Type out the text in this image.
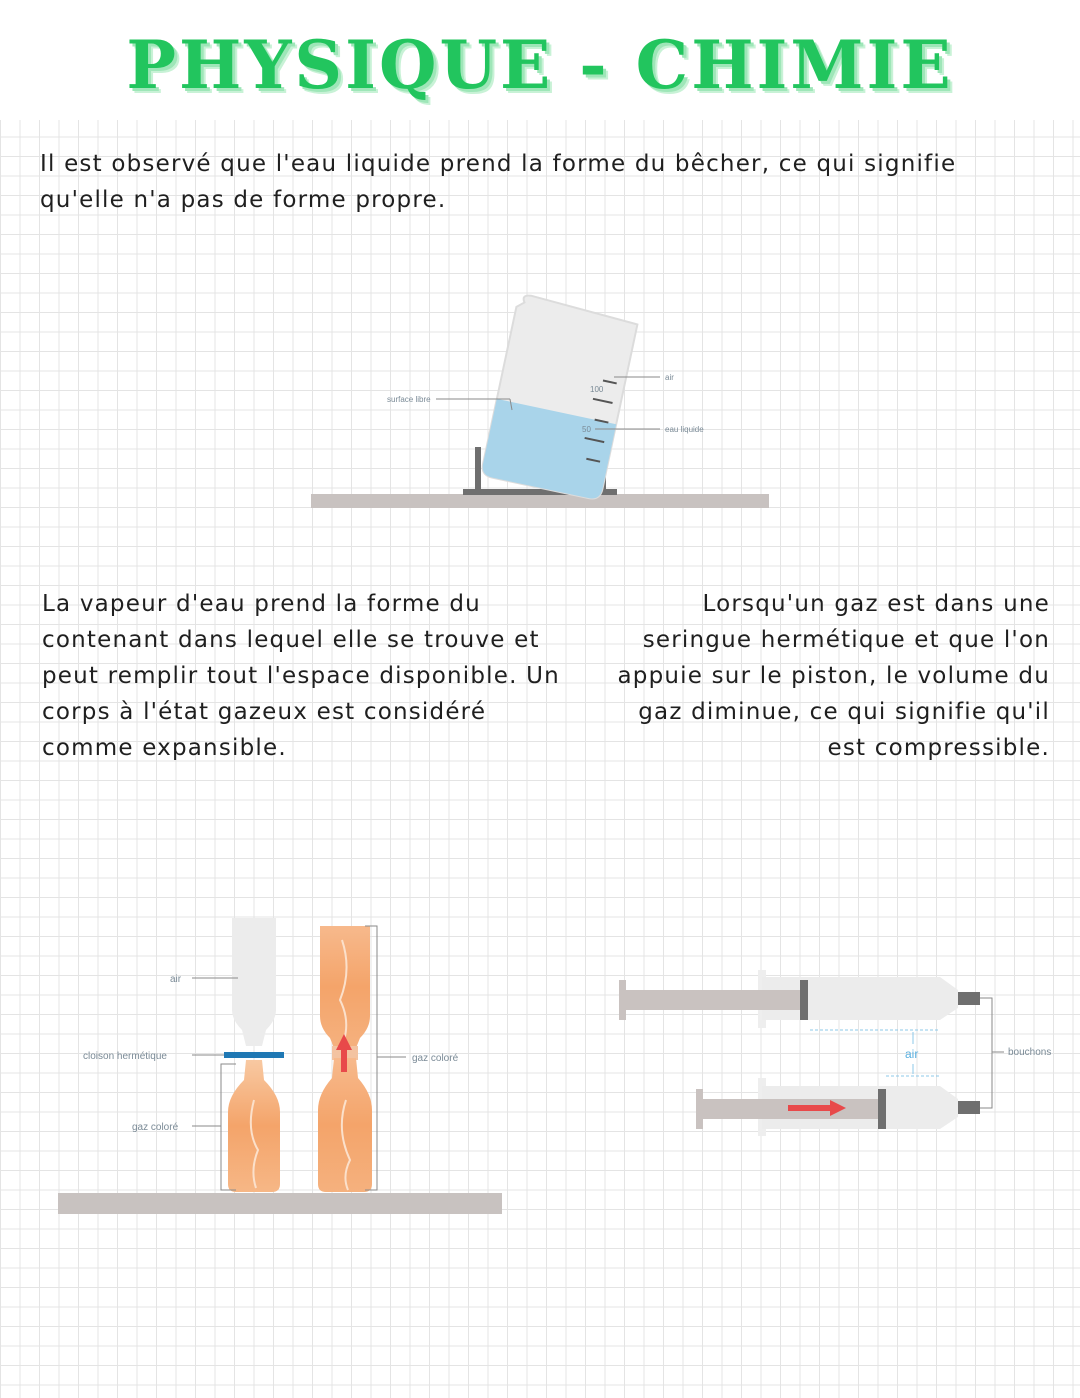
PHYSIQUE - CHIMIE
Il est observé que l'eau liquide prend la forme du bêcher, ce qui signifie qu'elle n'a pas de forme propre.
La vapeur d'eau prend la forme du contenant dans lequel elle se trouve et peut remplir tout l'espace disponible. Un corps à l'état gazeux est considéré comme expansible.
Lorsqu'un gaz est dans une seringue hermétique et que l'on appuie sur le piston, le volume du gaz diminue, ce qui signifie qu'il est compressible.
100
50
surface libre
air
eau liquide
air
cloison hermétique
gaz coloré
gaz coloré	air	bouchons
